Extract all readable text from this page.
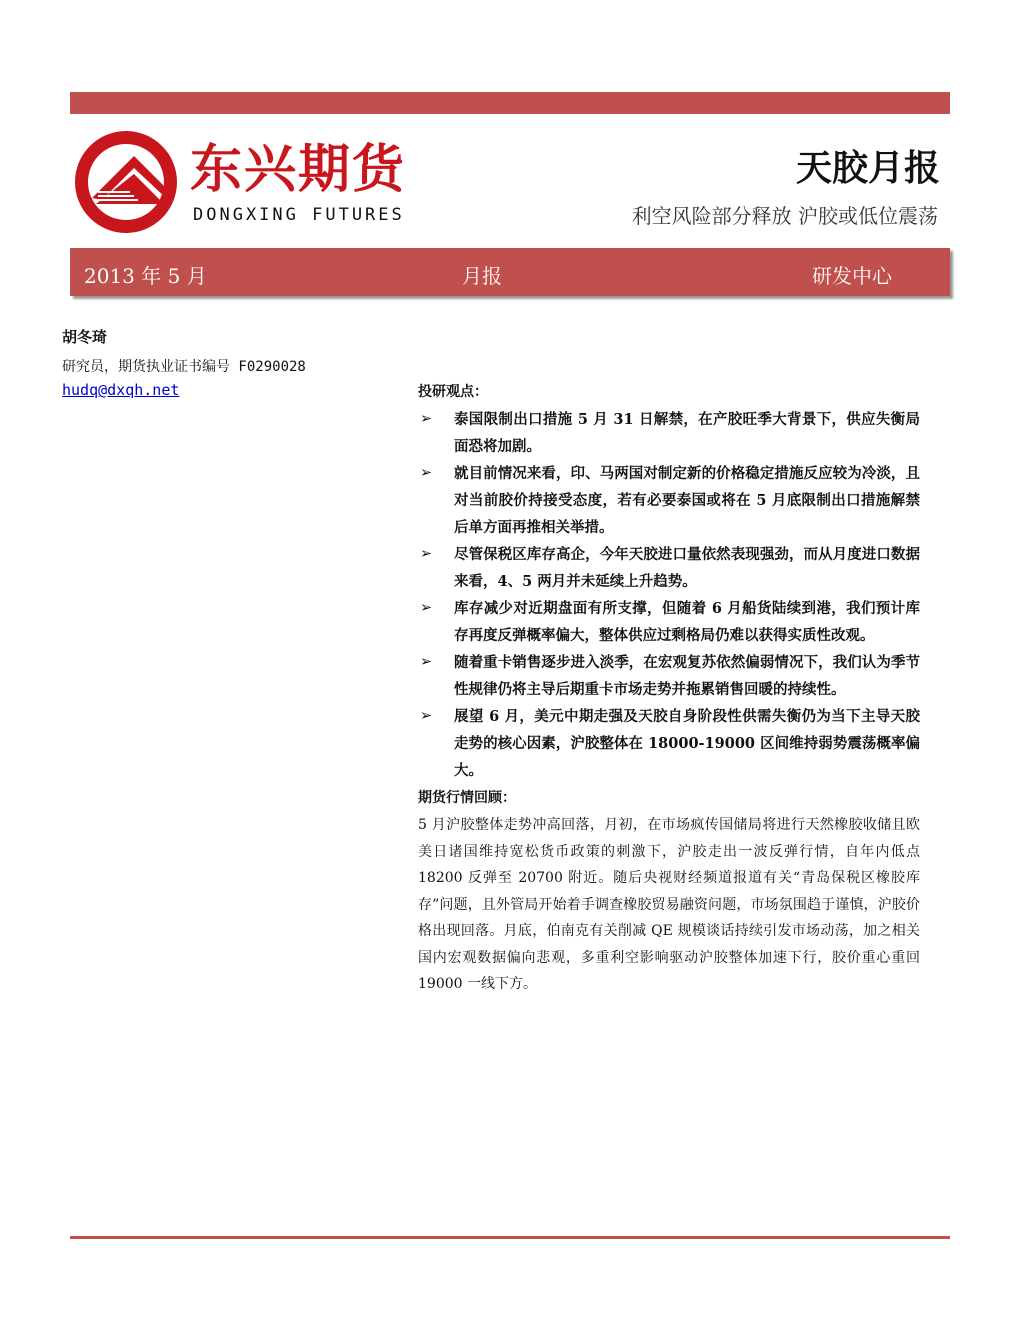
东兴期货
DONGXING FUTURES
天胶月报
利空风险部分释放 沪胶或低位震荡
2013 年 5 月	月报	研发中心
胡冬琦
研究员，期货执业证书编号 F0290028
hudq@dxqh.net	投研观点：

➢	泰国限制出口措施 5 月 31 日解禁，在产胶旺季大背景下，供应失衡局面恐将加剧。
➢	就目前情况来看，印、马两国对制定新的价格稳定措施反应较为冷淡，且对当前胶价持接受态度，若有必要泰国或将在 5 月底限制出口措施解禁后单方面再推相关举措。
➢	尽管保税区库存高企，今年天胶进口量依然表现强劲，而从月度进口数据来看，4、5 两月并未延续上升趋势。
➢	库存减少对近期盘面有所支撑，但随着 6 月船货陆续到港，我们预计库存再度反弹概率偏大，整体供应过剩格局仍难以获得实质性改观。
➢	随着重卡销售逐步进入淡季，在宏观复苏依然偏弱情况下，我们认为季节性规律仍将主导后期重卡市场走势并拖累销售回暖的持续性。
➢	展望 6 月，美元中期走强及天胶自身阶段性供需失衡仍为当下主导天胶走势的核心因素，沪胶整体在 18000-19000 区间维持弱势震荡概率偏大。

期货行情回顾：

5 月沪胶整体走势冲高回落，月初，在市场疯传国储局将进行天然橡胶收储且欧美日诸国维持宽松货币政策的刺激下，沪胶走出一波反弹行情，自年内低点 18200 反弹至 20700 附近。随后央视财经频道报道有关“青岛保税区橡胶库存”问题，且外管局开始着手调查橡胶贸易融资问题，市场氛围趋于谨慎，沪胶价格出现回落。月底，伯南克有关削减 QE 规模谈话持续引发市场动荡，加之相关国内宏观数据偏向悲观，多重利空影响驱动沪胶整体加速下行，胶价重心重回 19000 一线下方。
